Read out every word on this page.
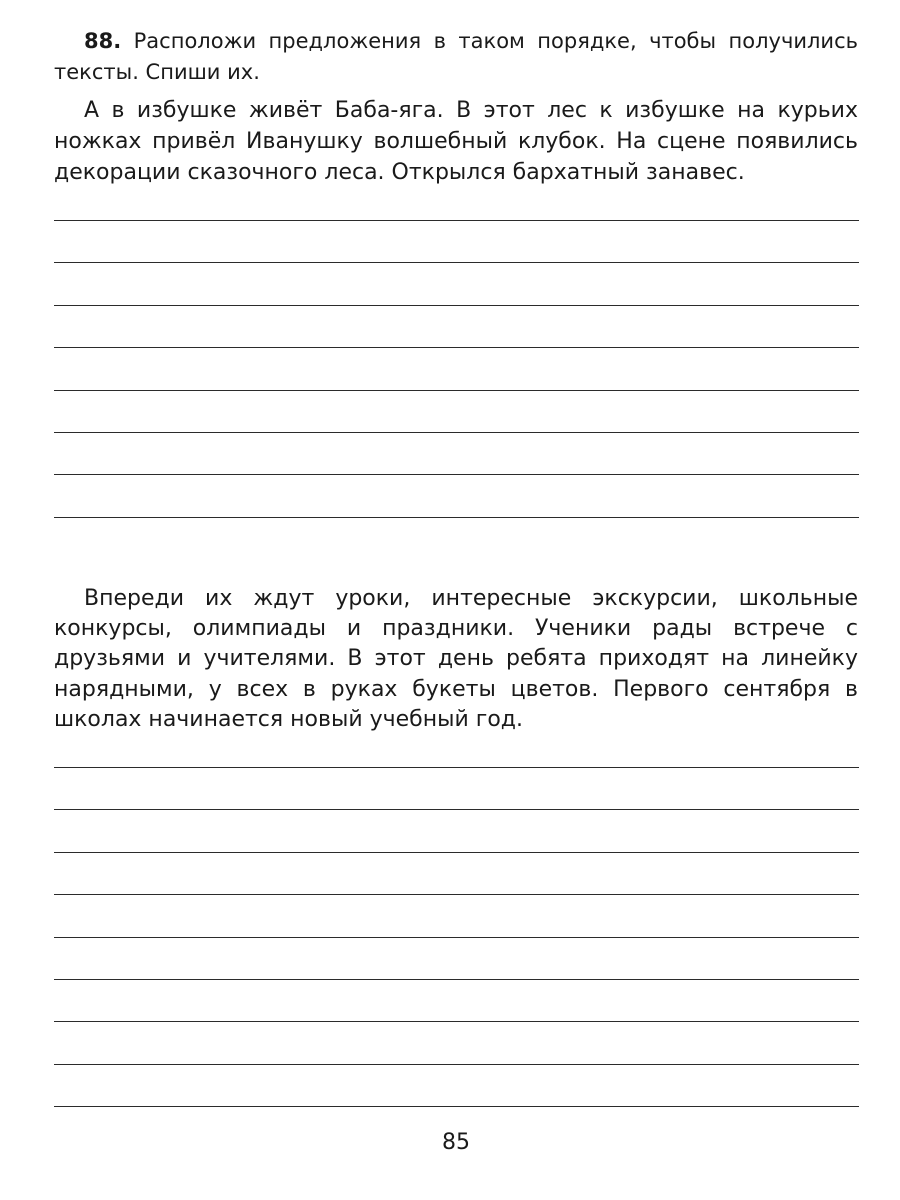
88. Расположи предложения в таком порядке, чтобы получились тексты. Спиши их.

А в избушке живёт Баба-яга. В этот лес к избушке на курьих ножках привёл Иванушку волшебный клубок. На сцене появились декорации сказочного леса. Открылся бархатный занавес.

Впереди их ждут уроки, интересные экскурсии, школьные конкурсы, олимпиады и праздники. Ученики рады встрече с друзьями и учителями. В этот день ребята приходят на линейку нарядными, у всех в руках букеты цветов. Первого сентября в школах начинается новый учебный год.

85
